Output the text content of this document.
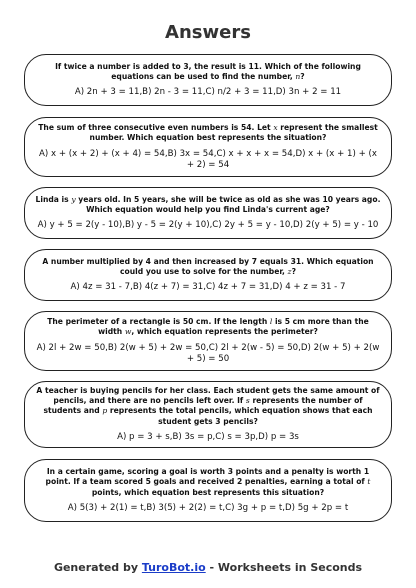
Answers

If twice a number is added to 3, the result is 11. Which of the following equations can be used to find the number, n?

A) 2n + 3 = 11,B) 2n - 3 = 11,C) n/2 + 3 = 11,D) 3n + 2 = 11

The sum of three consecutive even numbers is 54. Let x represent the smallest number. Which equation best represents the situation?

A) x + (x + 2) + (x + 4) = 54,B) 3x = 54,C) x + x + x = 54,D) x + (x + 1) + (x + 2) = 54

Linda is y years old. In 5 years, she will be twice as old as she was 10 years ago. Which equation would help you find Linda's current age?

A) y + 5 = 2(y - 10),B) y - 5 = 2(y + 10),C) 2y + 5 = y - 10,D) 2(y + 5) = y - 10

A number multiplied by 4 and then increased by 7 equals 31. Which equation could you use to solve for the number, z?

A) 4z = 31 - 7,B) 4(z + 7) = 31,C) 4z + 7 = 31,D) 4 + z = 31 - 7

The perimeter of a rectangle is 50 cm. If the length l is 5 cm more than the width w, which equation represents the perimeter?

A) 2l + 2w = 50,B) 2(w + 5) + 2w = 50,C) 2l + 2(w - 5) = 50,D) 2(w + 5) + 2(w + 5) = 50

A teacher is buying pencils for her class. Each student gets the same amount of pencils, and there are no pencils left over. If s represents the number of students and p represents the total pencils, which equation shows that each student gets 3 pencils?

A) p = 3 + s,B) 3s = p,C) s = 3p,D) p = 3s

In a certain game, scoring a goal is worth 3 points and a penalty is worth 1 point. If a team scored 5 goals and received 2 penalties, earning a total of t points, which equation best represents this situation?

A) 5(3) + 2(1) = t,B) 3(5) + 2(2) = t,C) 3g + p = t,D) 5g + 2p = t

Generated by TuroBot.io - Worksheets in Seconds
